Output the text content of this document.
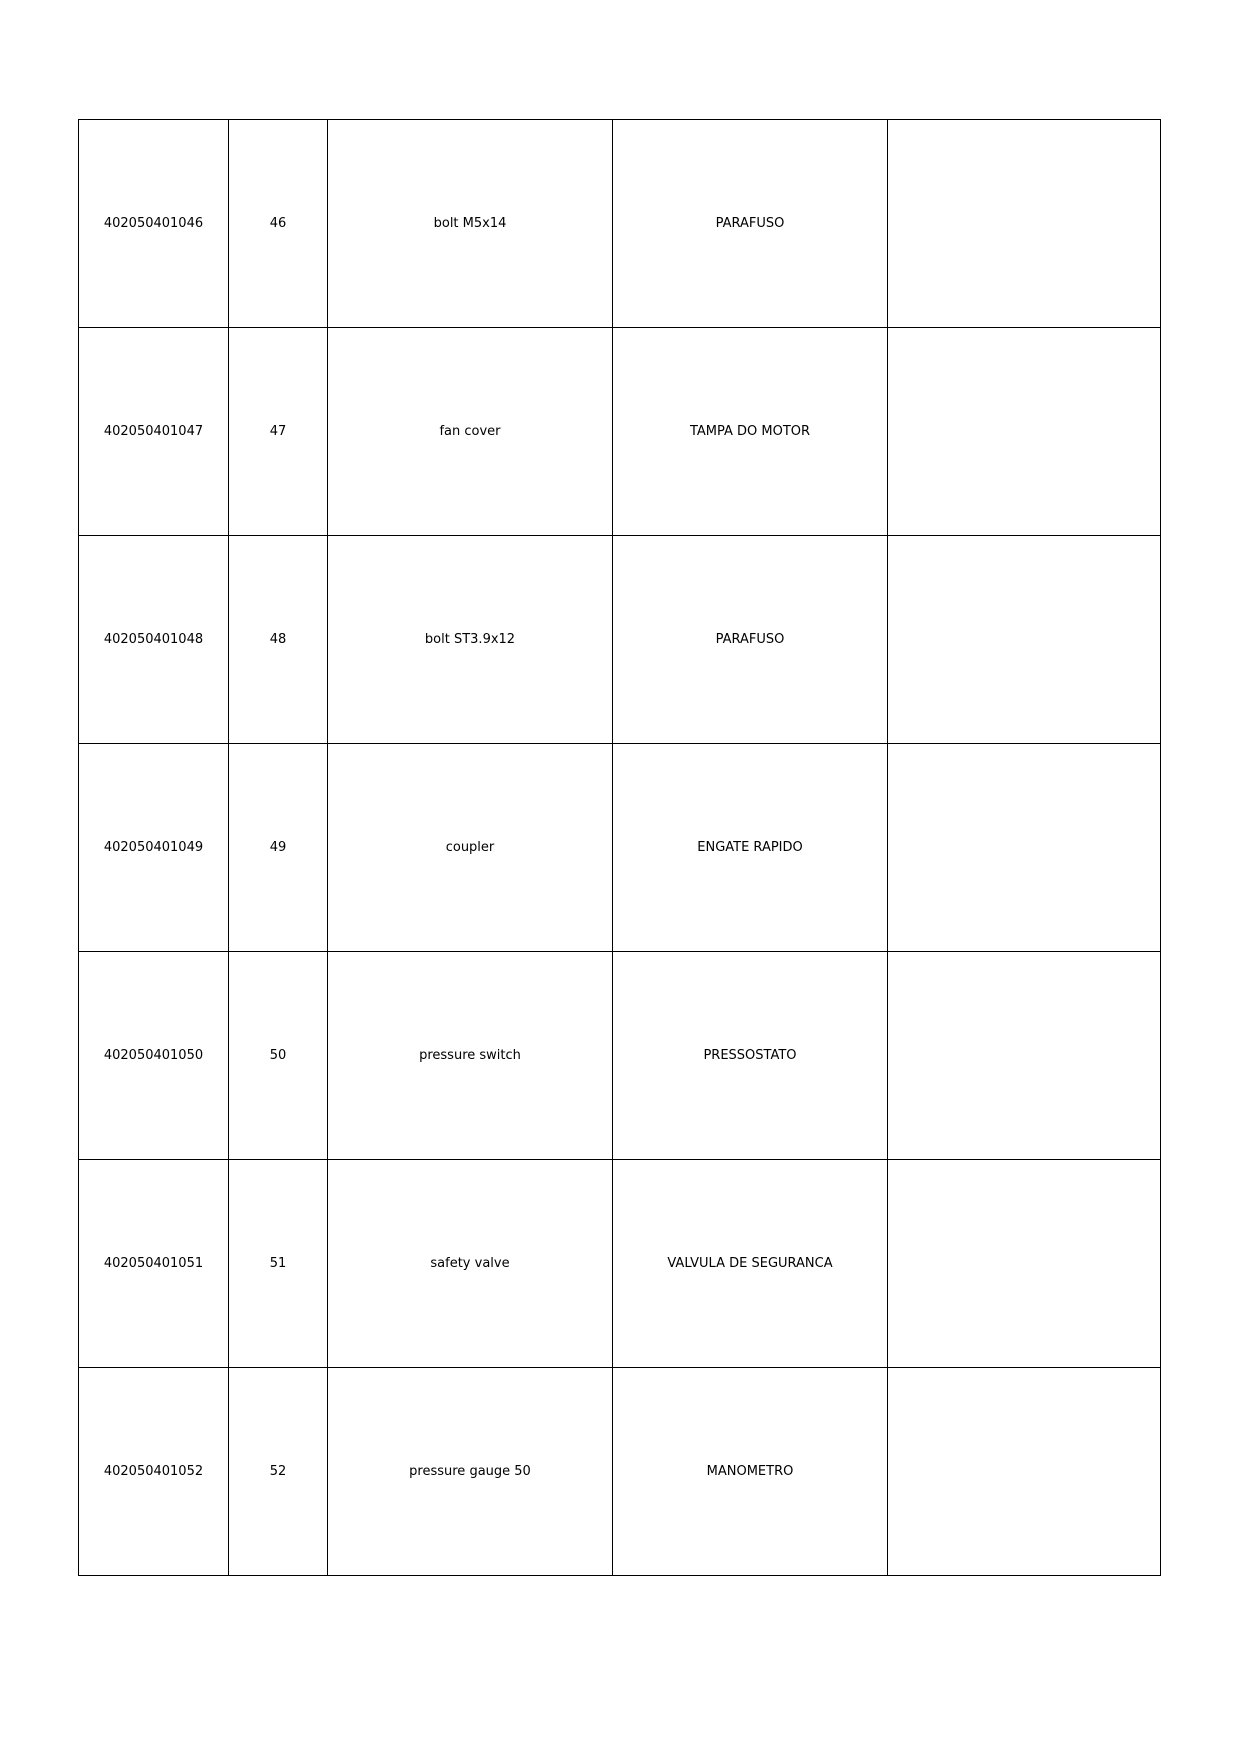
402050401046	46	bolt M5x14	PARAFUSO	
402050401047	47	fan cover	TAMPA DO MOTOR	
402050401048	48	bolt ST3.9x12	PARAFUSO	
402050401049	49	coupler	ENGATE RAPIDO	
402050401050	50	pressure switch	PRESSOSTATO	
402050401051	51	safety valve	VALVULA DE SEGURANCA	
402050401052	52	pressure gauge 50	MANOMETRO	
